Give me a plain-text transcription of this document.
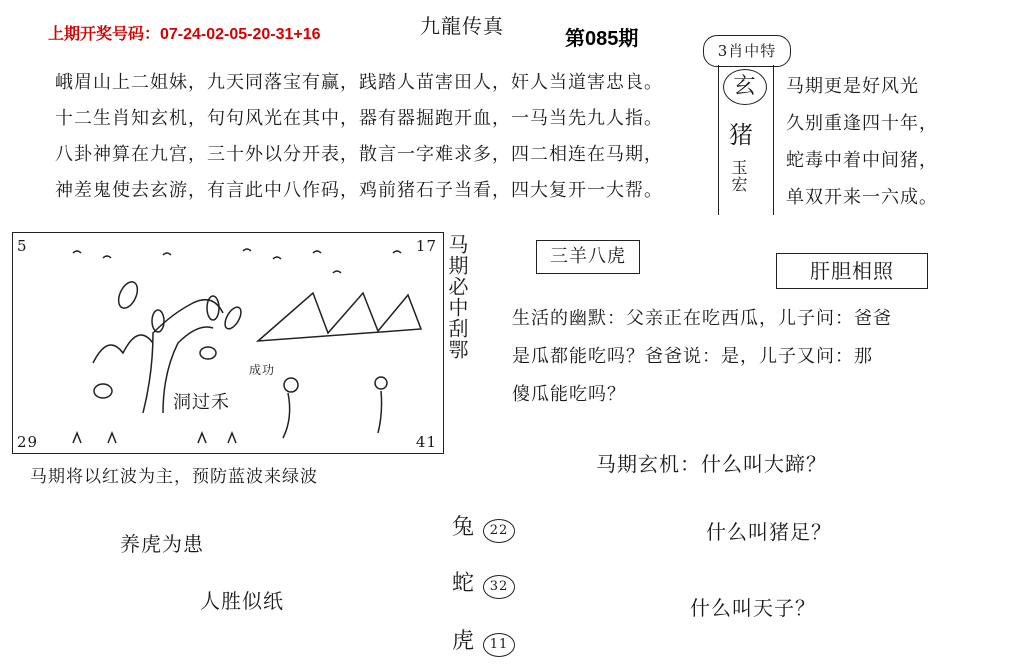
上期开奖号码：07-24-02-05-20-31+16	九龍传真
第085期
3肖中特
峨眉山上二姐妹，九天同落宝有赢，践踏人苗害田人，奸人当道害忠良。
十二生肖知玄机，句句风光在其中，器有器掘跑开血，一马当先九人指。
八卦神算在九宫，三十外以分开表，散言一字难求多，四二相连在马期，
神差鬼使去玄游，有言此中八作码，鸡前猪石子当看，四大复开一大帮。
玄
猪
玉宏
马期更是好风光
久别重逢四十年，
蛇毒中着中间猪，
单双开来一六成。
5	17
29	41
洞过禾
成功
马期必中刮鄂	三羊八虎
肝胆相照
生活的幽默：父亲正在吃西瓜，儿子问：爸爸
是瓜都能吃吗？爸爸说：是，儿子又问：那
傻瓜能吃吗？
马期将以红波为主，预防蓝波来绿波
养虎为患
人胜似纸
兔 22
蛇 32
虎 11
马期玄机：什么叫大蹄？
什么叫猪足？
什么叫天子？
